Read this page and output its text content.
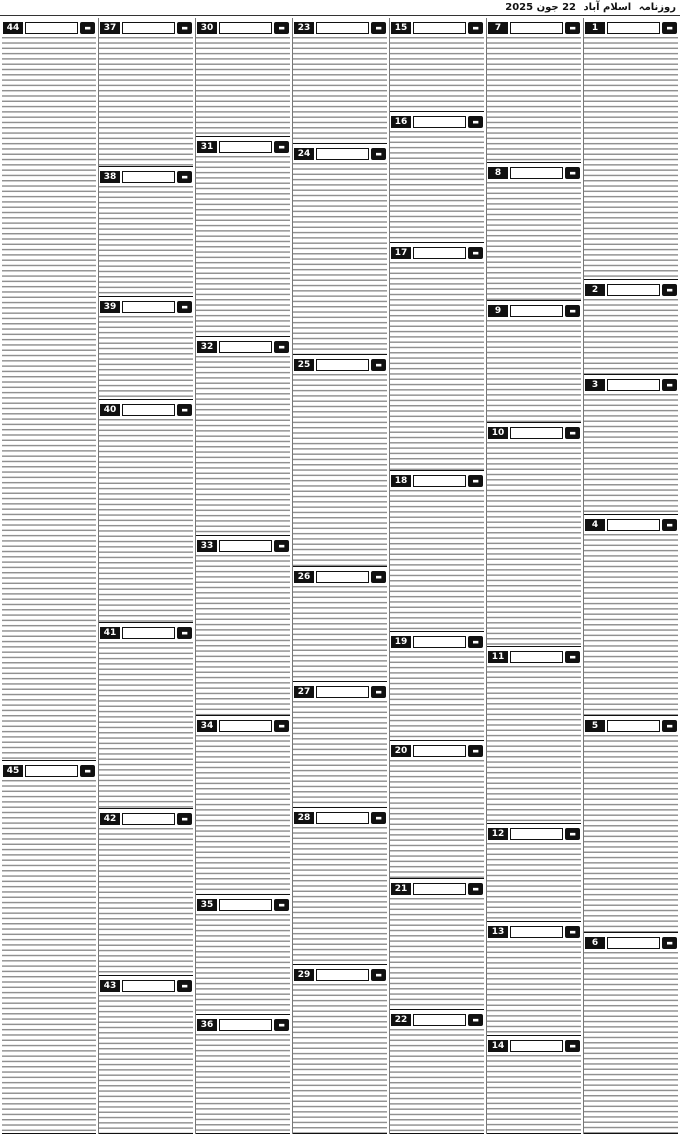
روزنامہ اسلام آباد 22 جون 2025
1	▬
2	▬
3	▬
4	▬
5	▬
6	▬
7	▬
8	▬
9	▬
10	▬
11	▬
12	▬
13	▬
14	▬
15	▬
16	▬
17	▬
18	▬
19	▬
20	▬
21	▬
22	▬
23	▬
24	▬
25	▬
26	▬
27	▬
28	▬
29	▬
30	▬
31	▬
32	▬
33	▬
34	▬
35	▬
36	▬
37	▬
38	▬
39	▬
40	▬
41	▬
42	▬
43	▬
44	▬
45	▬
